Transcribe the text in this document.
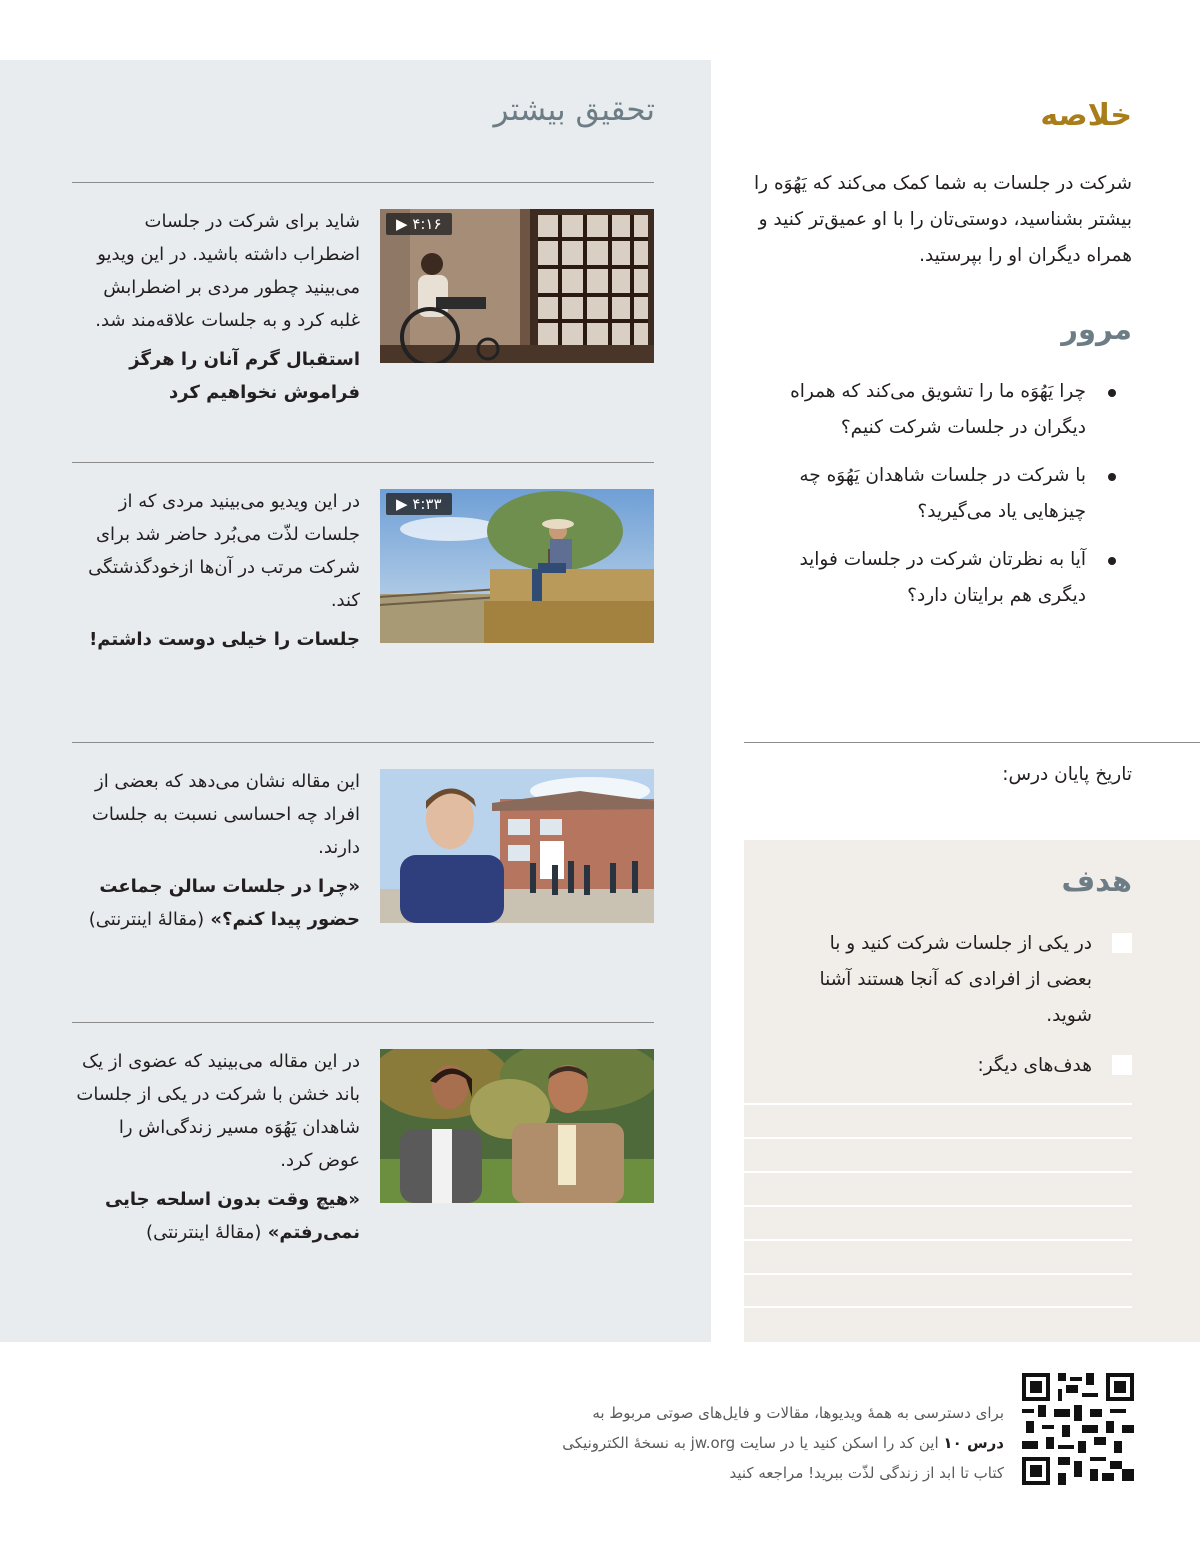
تحقیق بیشتر
▶ ۴:۱۶

شاید برای شرکت در جلسات اضطراب داشته باشید. در این ویدیو می‌بینید چطور مردی بر اضطرابش غلبه کرد و به جلسات علاقه‌مند شد.

استقبال گرم آنان را هرگز فراموش نخواهیم کرد

▶ ۴:۳۳

در این ویدیو می‌بینید مردی که از جلسات لذّت می‌بُرد حاضر شد برای شرکت مرتب در آن‌ها ازخودگذشتگی کند.

جلسات را خیلی دوست داشتم!

این مقاله نشان می‌دهد که بعضی از افراد چه احساسی نسبت به جلسات دارند.

«چرا در جلسات سالن جماعت حضور پیدا کنم؟» (مقالهٔ اینترنتی)

در این مقاله می‌بینید که عضوی از یک باند خشن با شرکت در یکی از جلسات شاهدان یَهُوَه مسیر زندگی‌اش را عوض کرد.

«هیچ وقت بدون اسلحه جایی نمی‌رفتم» (مقالهٔ اینترنتی)

خلاصه

شرکت در جلسات به شما کمک می‌کند که یَهُوَه را بیشتر بشناسید، دوستی‌تان را با او عمیق‌تر کنید و همراه دیگران او را بپرستید.

مرور
چرا یَهُوَه ما را تشویق می‌کند که همراه دیگران در جلسات شرکت کنیم؟
با شرکت در جلسات شاهدان یَهُوَه چه چیزهایی یاد می‌گیرید؟
آیا به نظرتان شرکت در جلسات فواید دیگری هم برایتان دارد؟

تاریخ پایان درس:

هدف
در یکی از جلسات شرکت کنید و با بعضی از افرادی که آنجا هستند آشنا شوید.
هدف‌های دیگر:

برای دسترسی به همهٔ ویدیوها، مقالات و فایل‌های صوتی مربوط به
درس ۱۰ این کد را اسکن کنید یا در سایت jw.org به نسخهٔ الکترونیکی
کتاب تا ابد از زندگی لذّت ببرید! مراجعه کنید
